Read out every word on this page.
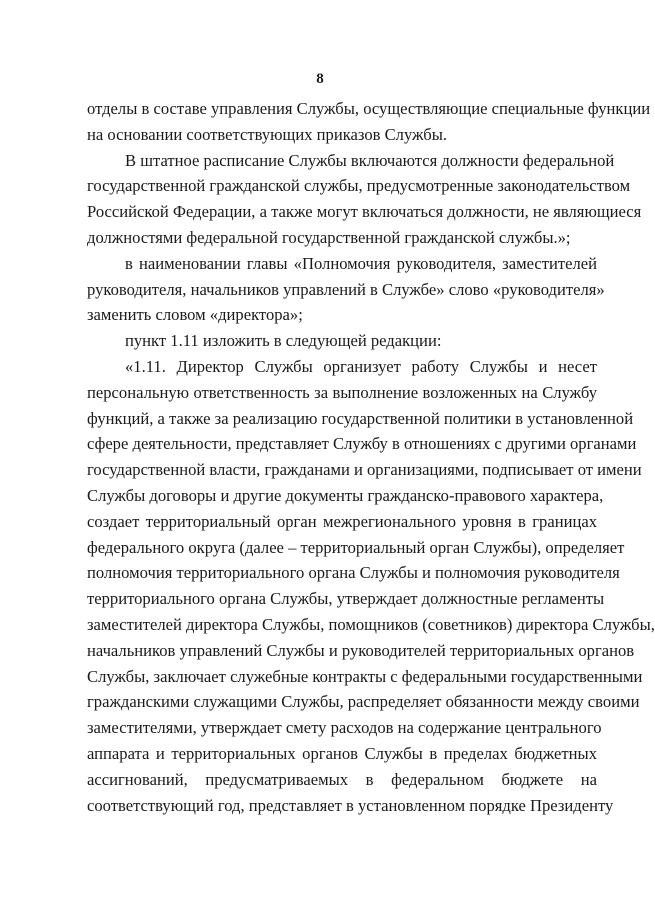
8
отделы в составе управления Службы, осуществляющие специальные функции
на основании соответствующих приказов Службы.
В штатное расписание Службы включаются должности федеральной
государственной гражданской службы, предусмотренные законодательством
Российской Федерации, а также могут включаться должности, не являющиеся
должностями федеральной государственной гражданской службы.»;
в наименовании главы «Полномочия руководителя, заместителей
руководителя, начальников управлений в Службе» слово «руководителя»
заменить словом «директора»;
пункт 1.11 изложить в следующей редакции:
«1.11. Директор Службы организует работу Службы и несет
персональную ответственность за выполнение возложенных на Службу
функций, а также за реализацию государственной политики в установленной
сфере деятельности, представляет Службу в отношениях с другими органами
государственной власти, гражданами и организациями, подписывает от имени
Службы договоры и другие документы гражданско-правового характера,
создает территориальный орган межрегионального уровня в границах
федерального округа (далее – территориальный орган Службы), определяет
полномочия территориального органа Службы и полномочия руководителя
территориального органа Службы, утверждает должностные регламенты
заместителей директора Службы, помощников (советников) директора Службы,
начальников управлений Службы и руководителей территориальных органов
Службы, заключает служебные контракты с федеральными государственными
гражданскими служащими Службы, распределяет обязанности между своими
заместителями, утверждает смету расходов на содержание центрального
аппарата и территориальных органов Службы в пределах бюджетных
ассигнований, предусматриваемых в федеральном бюджете на
соответствующий год, представляет в установленном порядке Президенту
